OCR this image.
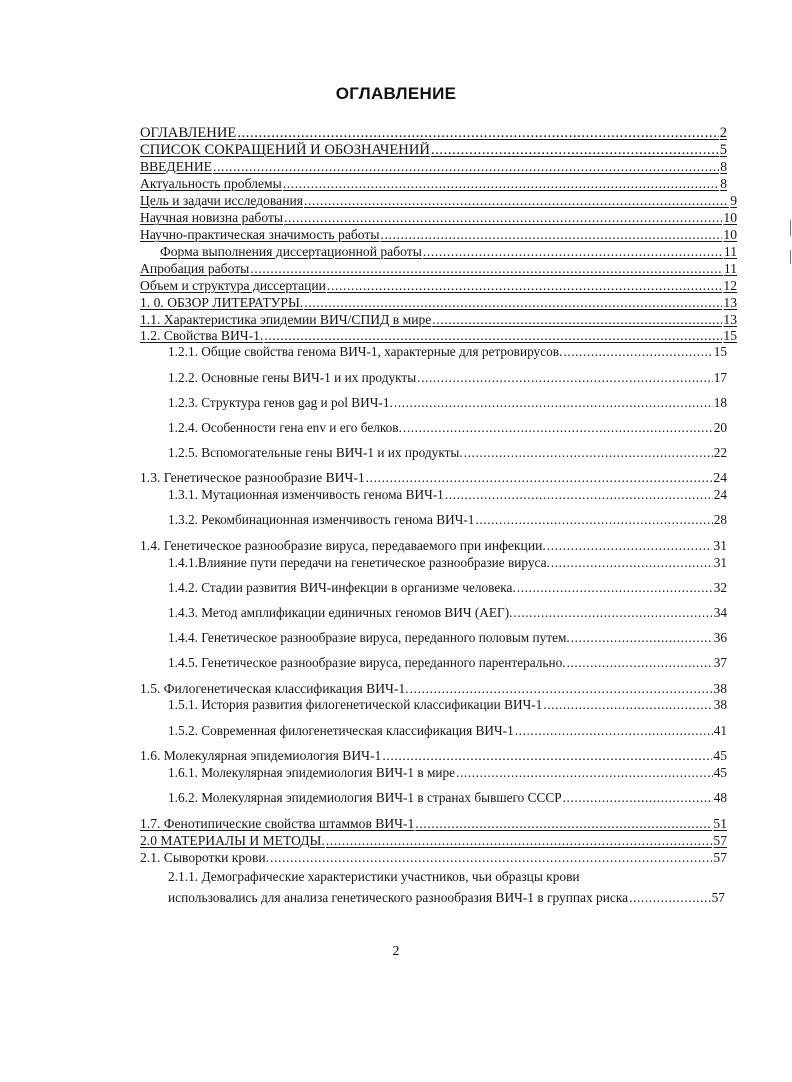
ОГЛАВЛЕНИЕ
ОГЛАВЛЕНИЕ .....	2
СПИСОК СОКРАЩЕНИЙ И ОБОЗНАЧЕНИЙ .....	5
ВВЕДЕНИЕ .....	8
Актуальность проблемы .....	8
Цель и задачи исследования .....	9
Научная новизна работы .....	10
Научно-практическая значимость работы .....	10
Форма выполнения диссертационной работы .....	11
Апробация работы .....	11
Объем и структура диссертации .....	12
1. 0. ОБЗОР ЛИТЕРАТУРЫ. .....	13
1.1. Характеристика эпидемии ВИЧ/СПИД в мире .....	13
1.2. Свойства ВИЧ-1. .....	15
1.2.1. Общие свойства генома ВИЧ-1, характерные для ретровирусов. .....	15
1.2.2. Основные гены ВИЧ-1 и их продукты .....	17
1.2.3. Структура генов gag и pol ВИЧ-1. .....	18
1.2.4. Особенности гена env и его белков. .....	20
1.2.5. Вспомогательные гены ВИЧ-1 и их продукты. .....	22
1.3. Генетическое разнообразие ВИЧ-1 .....	24
1.3.1. Мутационная изменчивость генома ВИЧ-1 .....	24
1.3.2. Рекомбинационная изменчивость генома ВИЧ-1 .....	28
1.4. Генетическое разнообразие вируса, передаваемого при инфекции. .....	31
1.4.1.Влияние пути передачи на генетическое разнообразие вируса. .....	31
1.4.2. Стадии развития ВИЧ-инфекции в организме человека. .....	32
1.4.3. Метод амплификации единичных геномов ВИЧ (АЕГ). .....	34
1.4.4. Генетическое разнообразие вируса, переданного половым путем. .....	36
1.4.5. Генетическое разнообразие вируса, переданного парентерально. .....	37
1.5. Филогенетическая классификация ВИЧ-1. .....	38
1.5.1. История развития филогенетической классификации ВИЧ-1 .....	38
1.5.2. Современная филогенетическая классификация ВИЧ-1 .....	41
1.6. Молекулярная эпидемиология ВИЧ-1 .....	45
1.6.1. Молекулярная эпидемиология ВИЧ-1 в мире .....	45
1.6.2. Молекулярная эпидемиология ВИЧ-1 в странах бывшего СССР .....	48
1.7. Фенотипические свойства штаммов ВИЧ-1 .....	51
2.0 МАТЕРИАЛЫ И МЕТОДЫ. .....	57
2.1. Сыворотки крови. .....	57
2.1.1. Демографические характеристики участников, чьи образцы крови
использовались для анализа генетического разнообразия ВИЧ-1 в группах риска .....	57
2
